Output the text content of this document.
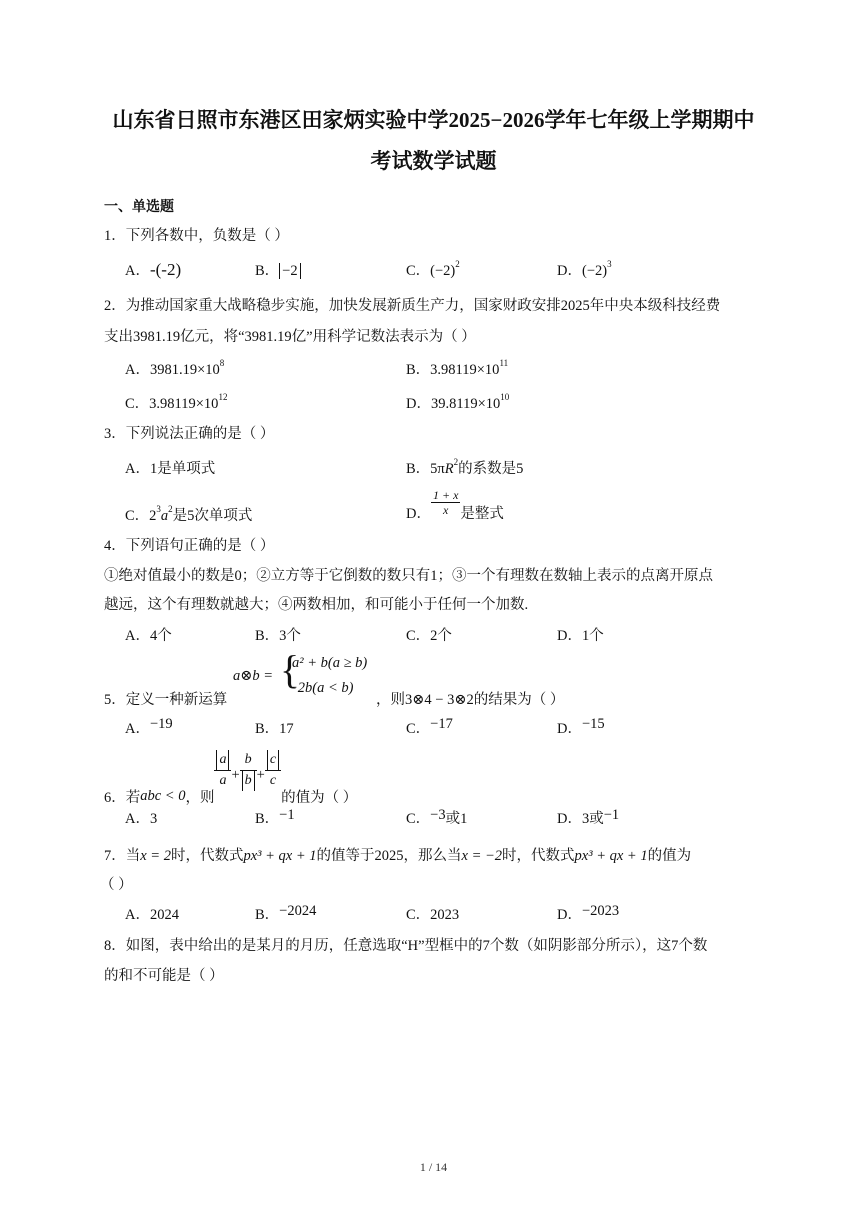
山东省日照市东港区田家炳实验中学2025−2026学年七年级上学期期中
考试数学试题
一、单选题
1．下列各数中，负数是（ ）
A．-(-2)	B． −2	C．$(-2)^2$	D．$(-2)^3$
2．为推动国家重大战略稳步实施，加快发展新质生产力，国家财政安排2025年中央本级科技经费
支出3981.19亿元，将“3981.19亿”用科学记数法表示为（ ）
A．$3981.19\times 10^8$	B．$3.98119\times 10^{11}$
C．$3.98119\times 10^{12}$	D．$39.8119\times 10^{10}$
3．下列说法正确的是（ ）
A．1是单项式	B．$5\pi R^2$的系数是5
C．$2^3a^2$是5次单项式	D． $\frac{1 + x}{x}$ 是整式
4．下列语句正确的是（ ）
①绝对值最小的数是0；②立方等于它倒数的数只有1；③一个有理数在数轴上表示的点离开原点
越远，这个有理数就越大；④两数相加，和可能小于任何一个加数.
A．4个	B．3个	C．2个	D．1个
5．定义一种新运算
a⊗b = {
a² + b(a ≥ b)
−2b(a < b)
，则3⊗4 − 3⊗2的结果为（ ）
A．−19	B．17	C．−17	D．−15
6．若abc < 0，则
$\frac{a}{a} + \frac{b}{b} + \frac{c}{c}$
的值为（ ）
A．3	B．−1	C．−3或1	D．3或−1
7．当x = 2时，代数式px³ + qx + 1的值等于2025，那么当x = −2时，代数式px³ + qx + 1的值为
（ ）
A．2024	B．−2024	C．2023	D．−2023
8．如图，表中给出的是某月的月历，任意选取“H”型框中的7个数（如阴影部分所示），这7个数
的和不可能是（ ）
1 / 14
